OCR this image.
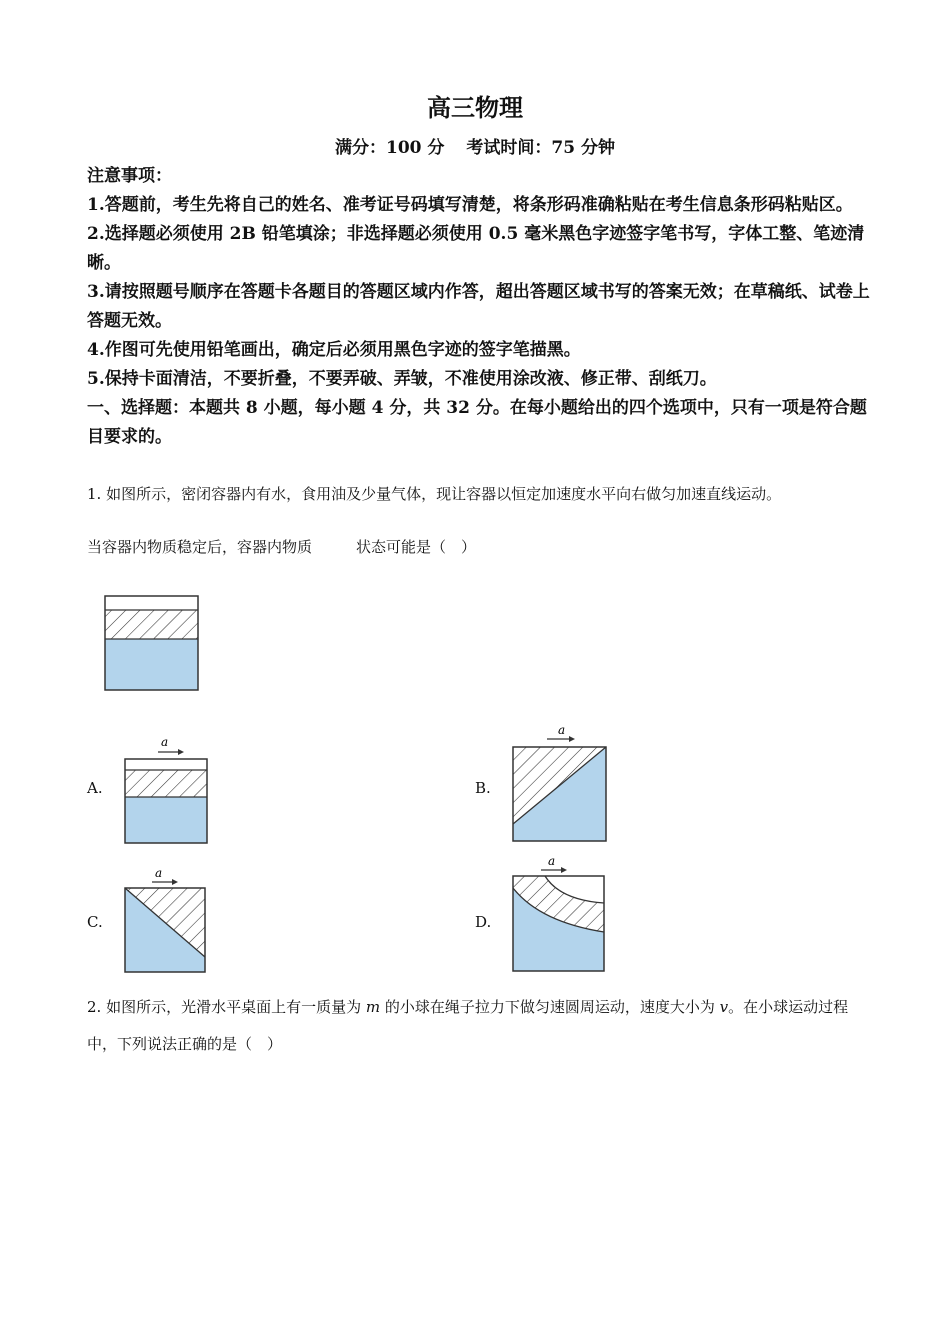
高三物理
满分：100 分 考试时间：75 分钟

注意事项：

1.答题前，考生先将自己的姓名、准考证号码填写清楚，将条形码准确粘贴在考生信息条形码粘贴区。

2.选择题必须使用 2B 铅笔填涂；非选择题必须使用 0.5 毫米黑色字迹签字笔书写，字体工整、笔迹清晰。

3.请按照题号顺序在答题卡各题目的答题区域内作答，超出答题区域书写的答案无效；在草稿纸、试卷上答题无效。

4.作图可先使用铅笔画出，确定后必须用黑色字迹的签字笔描黑。

5.保持卡面清洁，不要折叠，不要弄破、弄皱，不准使用涂改液、修正带、刮纸刀。

一、选择题：本题共 8 小题，每小题 4 分，共 32 分。在每小题给出的四个选项中，只有一项是符合题目要求的。

1. 如图所示，密闭容器内有水，食用油及少量气体，现让容器以恒定加速度水平向右做匀加速直线运动。

当容器内物质稳定后，容器内物质	状态可能是（　）

a
a
a
a
A.	B.
C.	D.

2. 如图所示，光滑水平桌面上有一质量为 m 的小球在绳子拉力下做匀速圆周运动，速度大小为 v。在小球运动过程中，下列说法正确的是（　）
